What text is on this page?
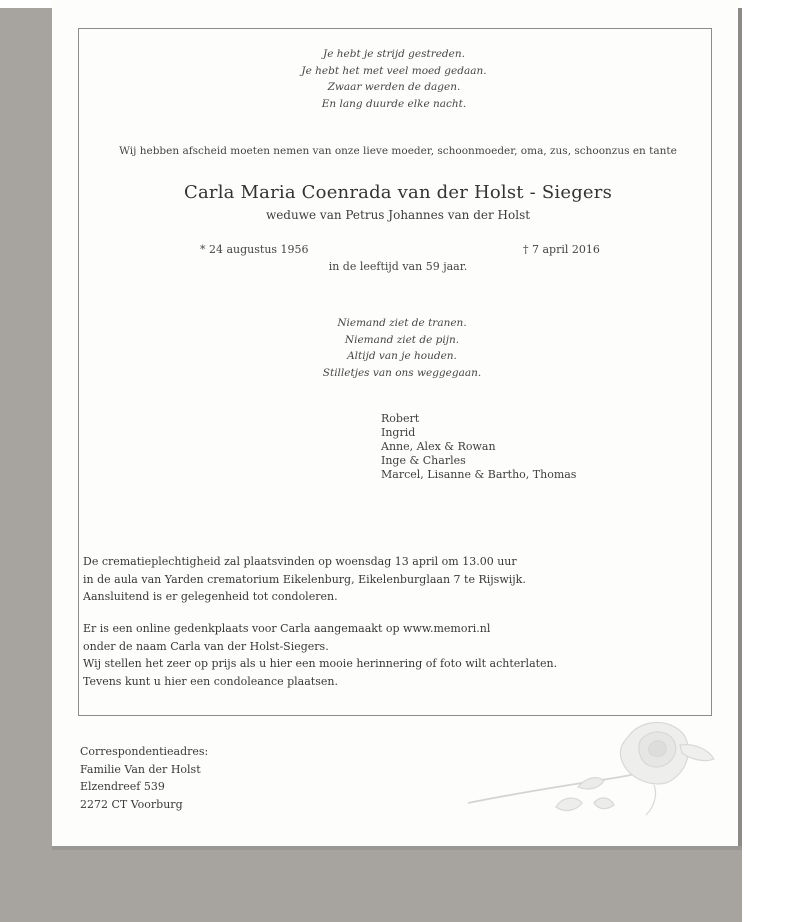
Je hebt je strijd gestreden.
Je hebt het met veel moed gedaan.
Zwaar werden de dagen.
En lang duurde elke nacht.
Wij hebben afscheid moeten nemen van onze lieve moeder, schoonmoeder, oma, zus, schoonzus en tante
Carla Maria Coenrada van der Holst - Siegers
weduwe van Petrus Johannes van der Holst
* 24 augustus 1956	† 7 april 2016
in de leeftijd van 59 jaar.
Niemand ziet de tranen.
Niemand ziet de pijn.
Altijd van je houden.
Stilletjes van ons weggegaan.
Robert
Ingrid
Anne, Alex & Rowan
Inge & Charles
Marcel, Lisanne & Bartho, Thomas
De crematieplechtigheid zal plaatsvinden op woensdag 13 april om 13.00 uur
in de aula van Yarden crematorium Eikelenburg, Eikelenburglaan 7 te Rijswijk.
Aansluitend is er gelegenheid tot condoleren.
Er is een online gedenkplaats voor Carla aangemaakt op www.memori.nl
onder de naam Carla van der Holst-Siegers.
Wij stellen het zeer op prijs als u hier een mooie herinnering of foto wilt achterlaten.
Tevens kunt u hier een condoleance plaatsen.
Correspondentieadres:
Familie Van der Holst
Elzendreef 539
2272 CT Voorburg
